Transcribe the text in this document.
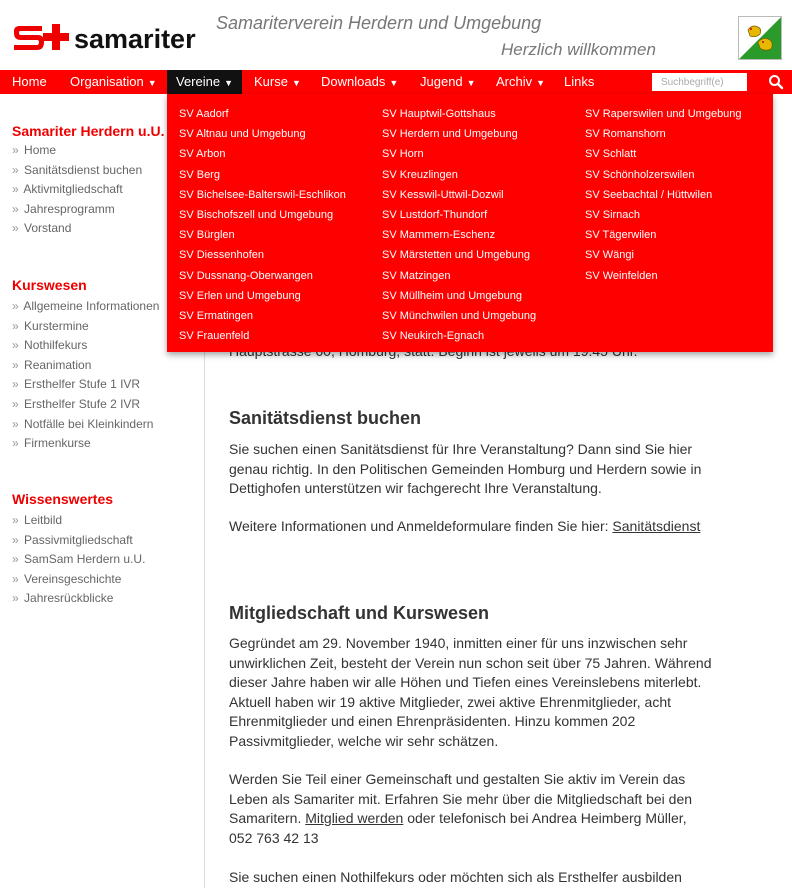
samariter
Samariterverein Herdern und Umgebung
Herzlich willkommen
Home	Organisation ▼	Vereine ▼	Kurse ▼	Downloads ▼	Jugend ▼	Archiv ▼	Links
Suchbegriff(e)
Samariter Herdern u.U.
» Home
» Sanitätsdienst buchen
» Aktivmitgliedschaft
» Jahresprogramm
» Vorstand
Kurswesen
» Allgemeine Informationen
» Kurstermine
» Nothilfekurs
» Reanimation
» Ersthelfer Stufe 1 IVR
» Ersthelfer Stufe 2 IVR
» Notfälle bei Kleinkindern
» Firmenkurse
Wissenswertes
» Leitbild
» Passivmitgliedschaft
» SamSam Herdern u.U.
» Vereinsgeschichte
» Jahresrückblicke
Sanitätsdienst buchen
Sie suchen einen Sanitätsdienst für Ihre Veranstaltung? Dann sind Sie hier genau richtig. In den Politischen Gemeinden Homburg und Herdern sowie in Dettighofen unterstützen wir fachgerecht Ihre Veranstaltung.
Weitere Informationen und Anmeldeformulare finden Sie hier: Sanitätsdienst
Mitgliedschaft und Kurswesen
Gegründet am 29. November 1940, inmitten einer für uns inzwischen sehr unwirklichen Zeit, besteht der Verein nun schon seit über 75 Jahren. Während dieser Jahre haben wir alle Höhen und Tiefen eines Vereinslebens miterlebt. Aktuell haben wir 19 aktive Mitglieder, zwei aktive Ehrenmitglieder, acht Ehrenmitglieder und einen Ehrenpräsidenten. Hinzu kommen 202 Passivmitglieder, welche wir sehr schätzen.
Werden Sie Teil einer Gemeinschaft und gestalten Sie aktiv im Verein das Leben als Samariter mit. Erfahren Sie mehr über die Mitgliedschaft bei den Samaritern. Mitglied werden oder telefonisch bei Andrea Heimberg Müller, 052 763 42 13
Sie suchen einen Nothilfekurs oder möchten sich als Ersthelfer ausbilden
SV Aadorf
SV Altnau und Umgebung
SV Arbon
SV Berg
SV Bichelsee-Balterswil-Eschlikon
SV Bischofszell und Umgebung
SV Bürglen
SV Diessenhofen
SV Dussnang-Oberwangen
SV Erlen und Umgebung
SV Ermatingen
SV Frauenfeld
SV Hauptwil-Gottshaus
SV Herdern und Umgebung
SV Horn
SV Kreuzlingen
SV Kesswil-Uttwil-Dozwil
SV Lustdorf-Thundorf
SV Mammern-Eschenz
SV Märstetten und Umgebung
SV Matzingen
SV Müllheim und Umgebung
SV Münchwilen und Umgebung
SV Neukirch-Egnach
SV Raperswilen und Umgebung
SV Romanshorn
SV Schlatt
SV Schönholzerswilen
SV Seebachtal / Hüttwilen
SV Sirnach
SV Tägerwilen
SV Wängi
SV Weinfelden
